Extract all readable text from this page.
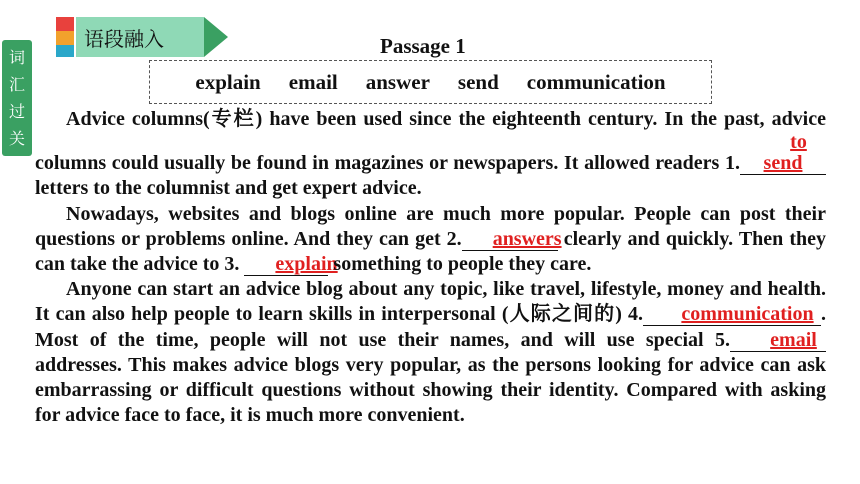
词
汇
过
关
语段融入	Passage 1
explain email answer send communication

Advice columns(专栏) have been used since the eighteenth century. In the past, advice columns could usually be found in magazines or newspapers. It allowed readers 1.to send letters to the columnist and get expert advice.

Nowadays, websites and blogs online are much more popular. People can post their questions or problems online. And they can get 2. answers clearly and quickly. Then they can take the advice to 3. explain something to people they care.

Anyone can start an advice blog about any topic, like travel, lifestyle, money and health. It can also help people to learn skills in interpersonal (人际之间的) 4. communication . Most of the time, people will not use their names, and will use special 5. email addresses. This makes advice blogs very popular, as the persons looking for advice can ask embarrassing or difficult questions without showing their identity. Compared with asking for advice face to face, it is much more convenient.
